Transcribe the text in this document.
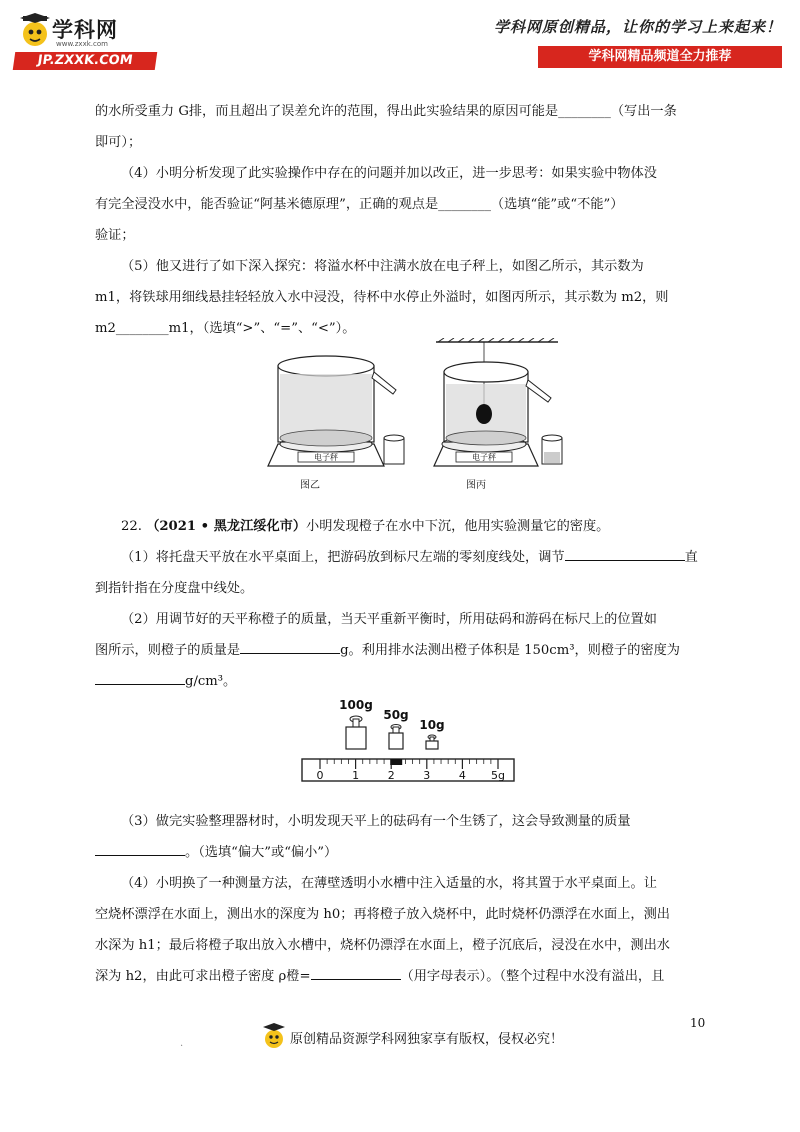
学科网
www.zxxk.com
JP.ZXXK.COM
学科网原创精品，让你的学习上来起来！
学科网精品频道全力推荐
的水所受重力 G排，而且超出了误差允许的范围，得出此实验结果的原因可能是________（写出一条
即可）；
（4）小明分析发现了此实验操作中存在的问题并加以改正，进一步思考：如果实验中物体没
有完全浸没水中，能否验证“阿基米德原理”，正确的观点是________（选填“能”或“不能”）
验证；
（5）他又进行了如下深入探究：将溢水杯中注满水放在电子秤上，如图乙所示，其示数为
m1，将铁球用细线悬挂轻轻放入水中浸没，待杯中水停止外溢时，如图丙所示，其示数为 m2，则
m2________m1，（选填“>”、“=”、“<”）。
电子秤
图乙
电子秤
图丙
22. （2021 • 黑龙江绥化市）小明发现橙子在水中下沉，他用实验测量它的密度。
（1）将托盘天平放在水平桌面上，把游码放到标尺左端的零刻度线处，调节	直
到指针指在分度盘中线处。
（2）用调节好的天平称橙子的质量，当天平重新平衡时，所用砝码和游码在标尺上的位置如
图所示，则橙子的质量是	g。利用排水法测出橙子体积是 150cm³，则橙子的密度为
g/cm³。
100g
50g
10g
0	1	2	3	4 5g
（3）做完实验整理器材时，小明发现天平上的砝码有一个生锈了，这会导致测量的质量
。（选填“偏大”或“偏小”）
（4）小明换了一种测量方法，在薄壁透明小水槽中注入适量的水，将其置于水平桌面上。让
空烧杯漂浮在水面上，测出水的深度为 h0；再将橙子放入烧杯中，此时烧杯仍漂浮在水面上，测出
水深为 h1；最后将橙子取出放入水槽中，烧杯仍漂浮在水面上，橙子沉底后，浸没在水中，测出水
深为 h2，由此可求出橙子密度 ρ橙=	（用字母表示）。（整个过程中水没有溢出，且
10
.	原创精品资源学科网独家享有版权，侵权必究！
